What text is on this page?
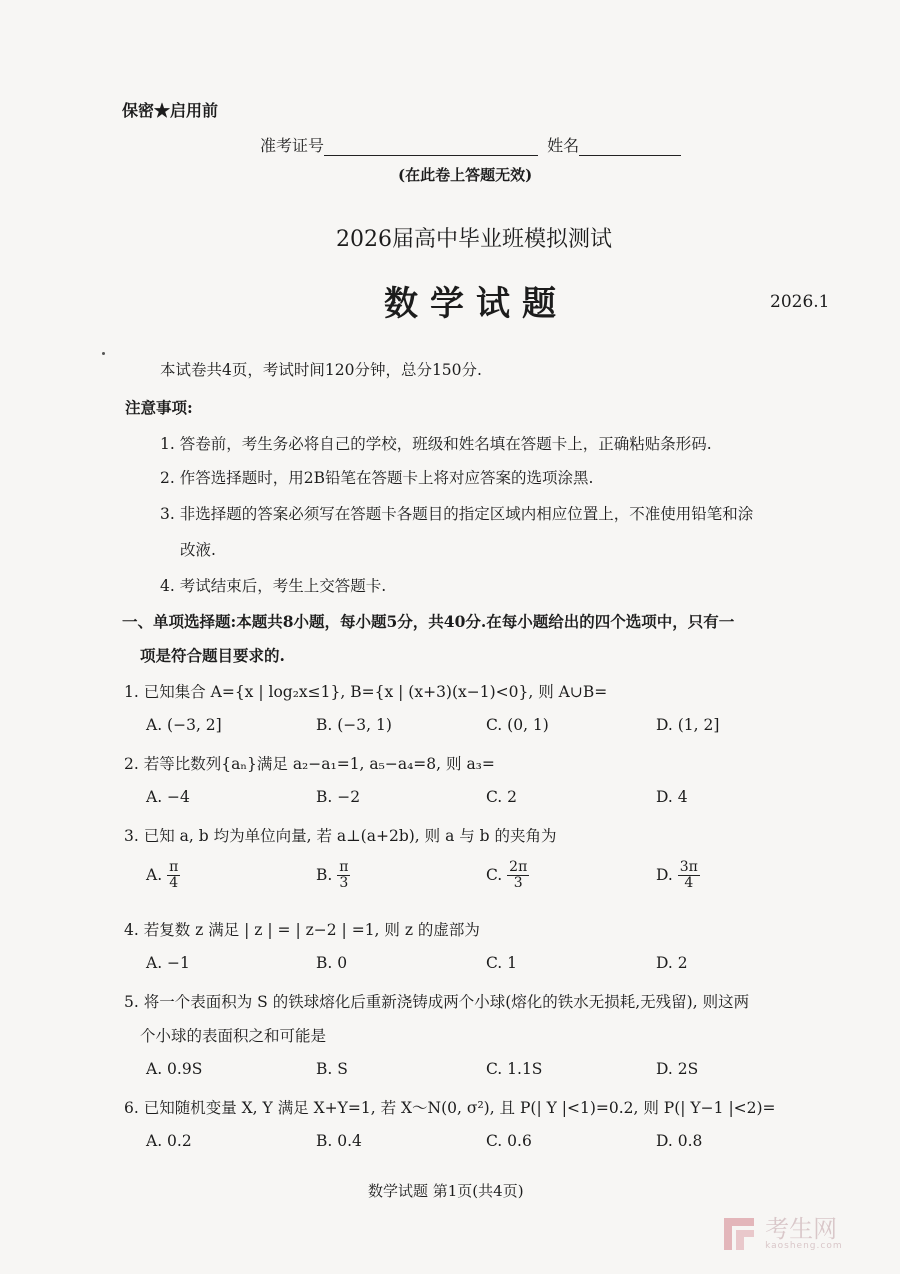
保密★启用前
准考证号	姓名
(在此卷上答题无效)
2026届高中毕业班模拟测试
数学试题	2026.1
本试卷共4页，考试时间120分钟，总分150分.
注意事项:
1. 答卷前，考生务必将自己的学校，班级和姓名填在答题卡上，正确粘贴条形码.
2. 作答选择题时，用2B铅笔在答题卡上将对应答案的选项涂黑.
3. 非选择题的答案必须写在答题卡各题目的指定区域内相应位置上，不准使用铅笔和涂
改液.
4. 考试结束后，考生上交答题卡.
一、单项选择题:本题共8小题，每小题5分，共40分.在每小题给出的四个选项中，只有一
项是符合题目要求的.
1. 已知集合 A={x | log₂x≤1}, B={x | (x+3)(x−1)<0}, 则 A∪B=
A. (−3, 2]	B. (−3, 1)	C. (0, 1)	D. (1, 2]
2. 若等比数列{aₙ}满足 a₂−a₁=1, a₅−a₄=8, 则 a₃=
A. −4	B. −2	C. 2	D. 4
3. 已知 a, b 均为单位向量, 若 a⊥(a+2b), 则 a 与 b 的夹角为
A. $\frac{\pi}{4}$	B. $\frac{\pi}{3}$	C. $\frac{2\pi}{3}$	D. $\frac{3\pi}{4}$
4. 若复数 z 满足 | z | = | z−2 | =1, 则 z 的虚部为
A. −1	B. 0	C. 1	D. 2
5. 将一个表面积为 S 的铁球熔化后重新浇铸成两个小球(熔化的铁水无损耗,无残留), 则这两
个小球的表面积之和可能是
A. 0.9S	B. S	C. 1.1S	D. 2S
6. 已知随机变量 X, Y 满足 X+Y=1, 若 X～N(0, σ²), 且 P(| Y |<1)=0.2, 则 P(| Y−1 |<2)=
A. 0.2	B. 0.4	C. 0.6	D. 0.8
数学试题 第1页(共4页)

考生网
kaosheng.com
